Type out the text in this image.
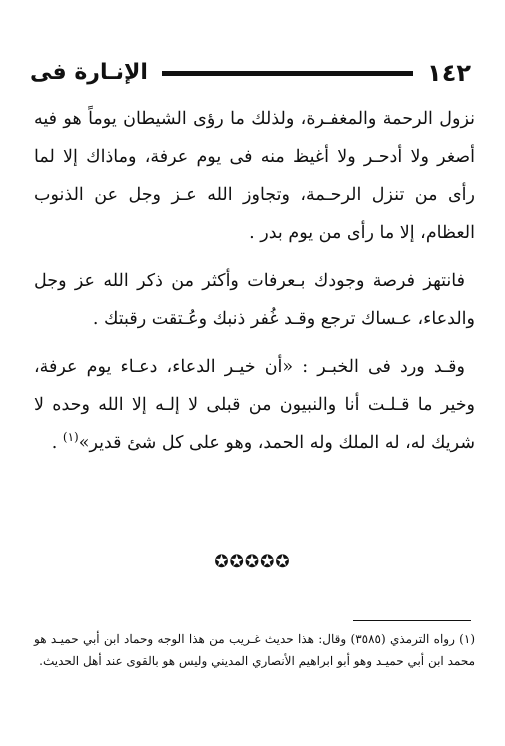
١٤٢
الإنـارة فى

نزول الرحمة والمغفـرة، ولذلك ما رؤى الشيطان يوماً هو فيه أصغر ولا أدحـر ولا أغيظ منه فى يوم عرفة، وماذاك إلا لما رأى من تنزل الرحـمة، وتجاوز الله عـز وجل عن الذنوب العظام، إلا ما رأى من يوم بدر .

فانتهز فرصة وجودك بـعرفات وأكثر من ذكر الله عز وجل والدعاء، عـساك ترجع وقـد غُفر ذنبك وعُـتقت رقبتك .

وقـد ورد فى الخبـر : «أن خيـر الدعاء، دعـاء يوم عرفة، وخير ما قـلـت أنا والنبيون من قبلى لا إلـه إلا الله وحده لا شريك له، له الملك وله الحمد، وهو على كل شئ قدير»$^{(١)}$ .

✪✪✪✪✪

(١) رواه الترمذي (٣٥٨٥) وقال: هذا حديث غـريب من هذا الوجه وحماد ابن أبي حميـد هو محمد ابن أبي حميـد وهو أبو ابراهيم الأنصاري المديني وليس هو بالقوى عند أهل الحديث.
